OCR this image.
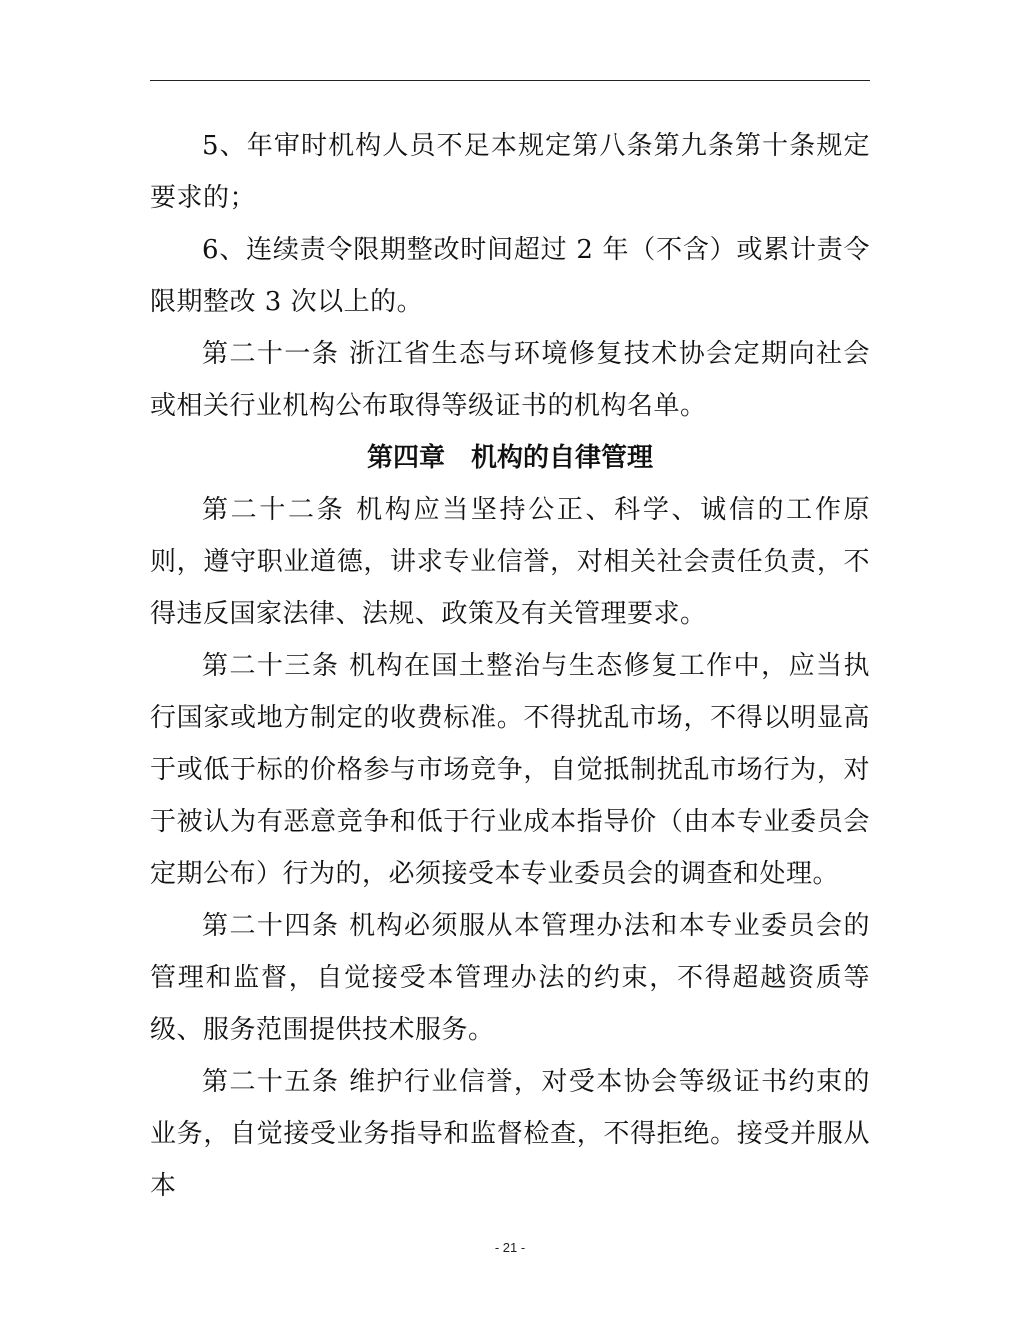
5、年审时机构人员不足本规定第八条第九条第十条规定要求的；

6、连续责令限期整改时间超过 2 年（不含）或累计责令限期整改 3 次以上的。

第二十一条 浙江省生态与环境修复技术协会定期向社会或相关行业机构公布取得等级证书的机构名单。

第四章　机构的自律管理

第二十二条 机构应当坚持公正、科学、诚信的工作原则，遵守职业道德，讲求专业信誉，对相关社会责任负责，不得违反国家法律、法规、政策及有关管理要求。

第二十三条 机构在国土整治与生态修复工作中，应当执行国家或地方制定的收费标准。不得扰乱市场，不得以明显高于或低于标的价格参与市场竞争，自觉抵制扰乱市场行为，对于被认为有恶意竞争和低于行业成本指导价（由本专业委员会定期公布）行为的，必须接受本专业委员会的调查和处理。

第二十四条 机构必须服从本管理办法和本专业委员会的管理和监督，自觉接受本管理办法的约束，不得超越资质等级、服务范围提供技术服务。

第二十五条 维护行业信誉，对受本协会等级证书约束的业务，自觉接受业务指导和监督检查，不得拒绝。接受并服从本

- 21 -
